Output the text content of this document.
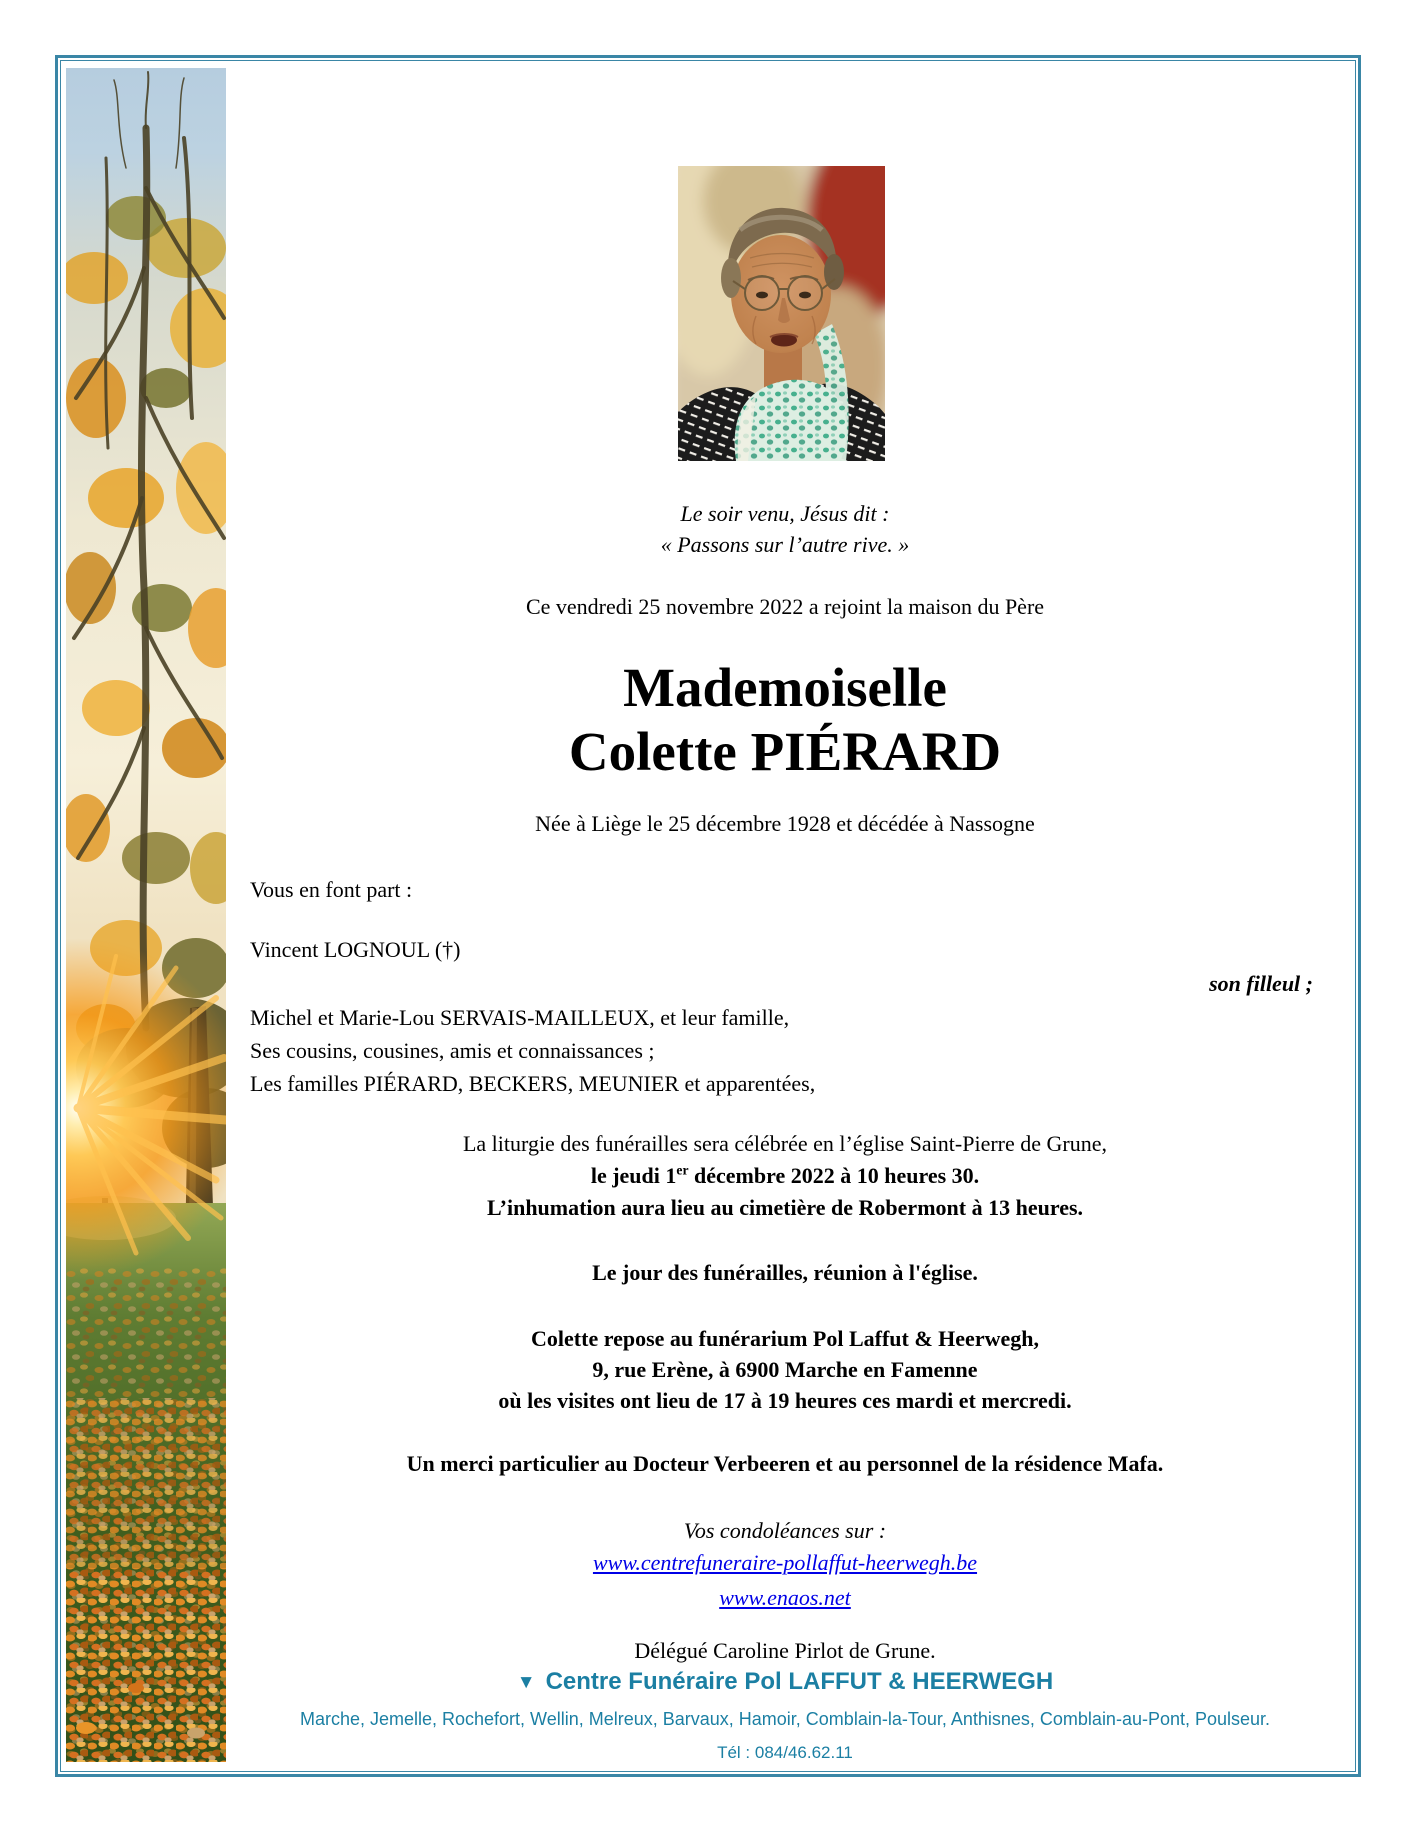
Le soir venu, Jésus dit :
« Passons sur l’autre rive. »
Ce vendredi 25 novembre 2022 a rejoint la maison du Père
Mademoiselle
Colette PIÉRARD
Née à Liège le 25 décembre 1928 et décédée à Nassogne
Vous en font part :
Vincent LOGNOUL (†)
son filleul ;
Michel et Marie-Lou SERVAIS-MAILLEUX, et leur famille,
Ses cousins, cousines, amis et connaissances ;
Les familles PIÉRARD, BECKERS, MEUNIER et apparentées,
La liturgie des funérailles sera célébrée en l’église Saint-Pierre de Grune,
le jeudi 1er décembre 2022 à 10 heures 30.
L’inhumation aura lieu au cimetière de Robermont à 13 heures.
Le jour des funérailles, réunion à l'église.
Colette repose au funérarium Pol Laffut & Heerwegh,
9, rue Erène, à 6900 Marche en Famenne
où les visites ont lieu de 17 à 19 heures ces mardi et mercredi.
Un merci particulier au Docteur Verbeeren et au personnel de la résidence Mafa.
Vos condoléances sur :
www.centrefuneraire-pollaffut-heerwegh.be
www.enaos.net
Délégué Caroline Pirlot de Grune.
▼ Centre Funéraire Pol LAFFUT & HEERWEGH
Marche, Jemelle, Rochefort, Wellin, Melreux, Barvaux, Hamoir, Comblain-la-Tour, Anthisnes, Comblain-au-Pont, Poulseur.
Tél : 084/46.62.11
